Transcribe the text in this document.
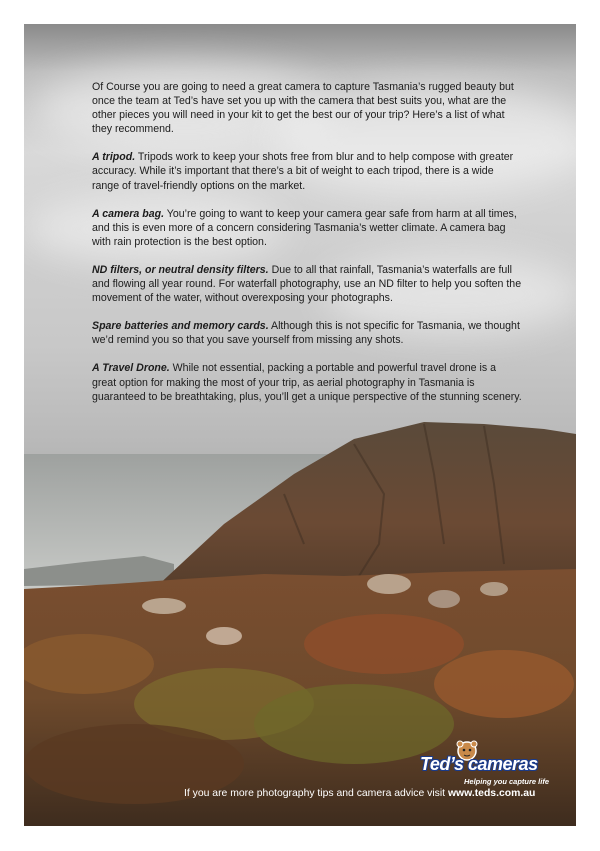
Of Course you are going to need a great camera to capture Tasmania’s rugged beauty but once the team at Ted’s have set you up with the camera that best suits you, what are the other pieces you will need in your kit to get the best our of your trip? Here’s a list of what they recommend.

A tripod. Tripods work to keep your shots free from blur and to help compose with greater accuracy. While it’s important that there’s a bit of weight to each tripod, there is a wide range of travel-friendly options on the market.

A camera bag. You’re going to want to keep your camera gear safe from harm at all times, and this is even more of a concern considering Tasmania’s wetter climate. A camera bag with rain protection is the best option.

ND filters, or neutral density filters. Due to all that rainfall, Tasmania’s waterfalls are full and flowing all year round. For waterfall photography, use an ND filter to help you soften the movement of the water, without overexposing your photographs.

Spare batteries and memory cards. Although this is not specific for Tasmania, we thought we’d remind you so that you save yourself from missing any shots.

A Travel Drone. While not essential, packing a portable and powerful travel drone is a great option for making the most of your trip, as aerial photography in Tasmania is guaranteed to be breathtaking, plus, you’ll get a unique perspective of the stunning scenery.

Ted’s cameras
Helping you capture life
If you are more photography tips and camera advice visit www.teds.com.au
